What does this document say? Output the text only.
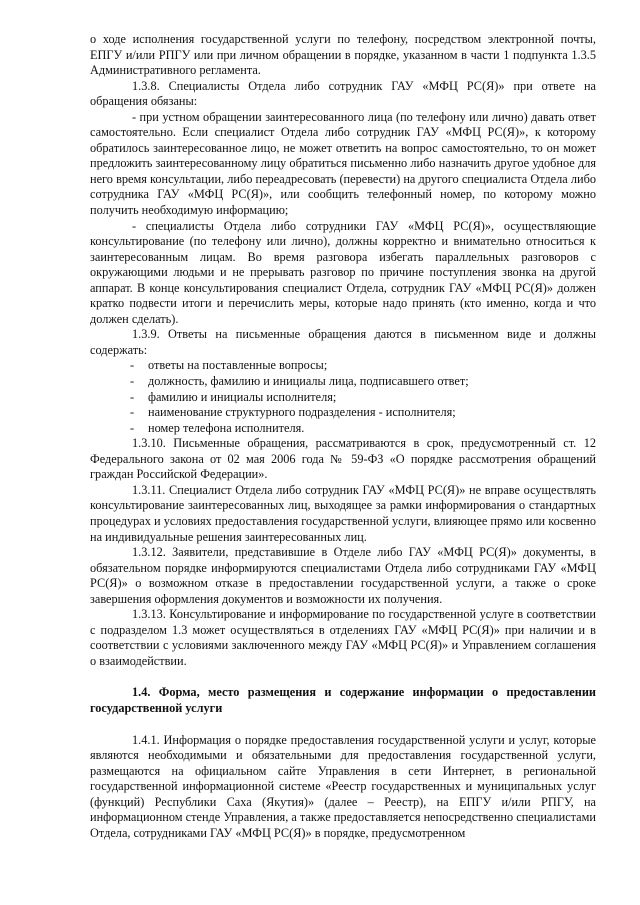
о ходе исполнения государственной услуги по телефону, посредством электронной почты, ЕПГУ и/или РПГУ или при личном обращении в порядке, указанном в части 1 подпункта 1.3.5 Административного регламента.

1.3.8. Специалисты Отдела либо сотрудник ГАУ «МФЦ РС(Я)» при ответе на обращения обязаны:

- при устном обращении заинтересованного лица (по телефону или лично) давать ответ самостоятельно. Если специалист Отдела либо сотрудник ГАУ «МФЦ РС(Я)», к которому обратилось заинтересованное лицо, не может ответить на вопрос самостоятельно, то он может предложить заинтересованному лицу обратиться письменно либо назначить другое удобное для него время консультации, либо переадресовать (перевести) на другого специалиста Отдела либо сотрудника ГАУ «МФЦ РС(Я)», или сообщить телефонный номер, по которому можно получить необходимую информацию;

- специалисты Отдела либо сотрудники ГАУ «МФЦ РС(Я)», осуществляющие консультирование (по телефону или лично), должны корректно и внимательно относиться к заинтересованным лицам. Во время разговора избегать параллельных разговоров с окружающими людьми и не прерывать разговор по причине поступления звонка на другой аппарат. В конце консультирования специалист Отдела, сотрудник ГАУ «МФЦ РС(Я)» должен кратко подвести итоги и перечислить меры, которые надо принять (кто именно, когда и что должен сделать).

1.3.9. Ответы на письменные обращения даются в письменном виде и должны содержать:

- ответы на поставленные вопросы;

- должность, фамилию и инициалы лица, подписавшего ответ;

- фамилию и инициалы исполнителя;

- наименование структурного подразделения - исполнителя;

- номер телефона исполнителя.

1.3.10. Письменные обращения, рассматриваются в срок, предусмотренный ст. 12 Федерального закона от 02 мая 2006 года № 59-ФЗ «О порядке рассмотрения обращений граждан Российской Федерации».

1.3.11. Специалист Отдела либо сотрудник ГАУ «МФЦ РС(Я)» не вправе осуществлять консультирование заинтересованных лиц, выходящее за рамки информирования о стандартных процедурах и условиях предоставления государственной услуги, влияющее прямо или косвенно на индивидуальные решения заинтересованных лиц.

1.3.12. Заявители, представившие в Отделе либо ГАУ «МФЦ РС(Я)» документы, в обязательном порядке информируются специалистами Отдела либо сотрудниками ГАУ «МФЦ РС(Я)» о возможном отказе в предоставлении государственной услуги, а также о сроке завершения оформления документов и возможности их получения.

1.3.13. Консультирование и информирование по государственной услуге в соответствии с подразделом 1.3 может осуществляться в отделениях ГАУ «МФЦ РС(Я)» при наличии и в соответствии с условиями заключенного между ГАУ «МФЦ РС(Я)» и Управлением соглашения о взаимодействии.

1.4. Форма, место размещения и содержание информации о предоставлении государственной услуги

1.4.1. Информация о порядке предоставления государственной услуги и услуг, которые являются необходимыми и обязательными для предоставления государственной услуги, размещаются на официальном сайте Управления в сети Интернет, в региональной государственной информационной системе «Реестр государственных и муниципальных услуг (функций) Республики Саха (Якутия)» (далее – Реестр), на ЕПГУ и/или РПГУ, на информационном стенде Управления, а также предоставляется непосредственно специалистами Отдела, сотрудниками ГАУ «МФЦ РС(Я)» в порядке, предусмотренном
